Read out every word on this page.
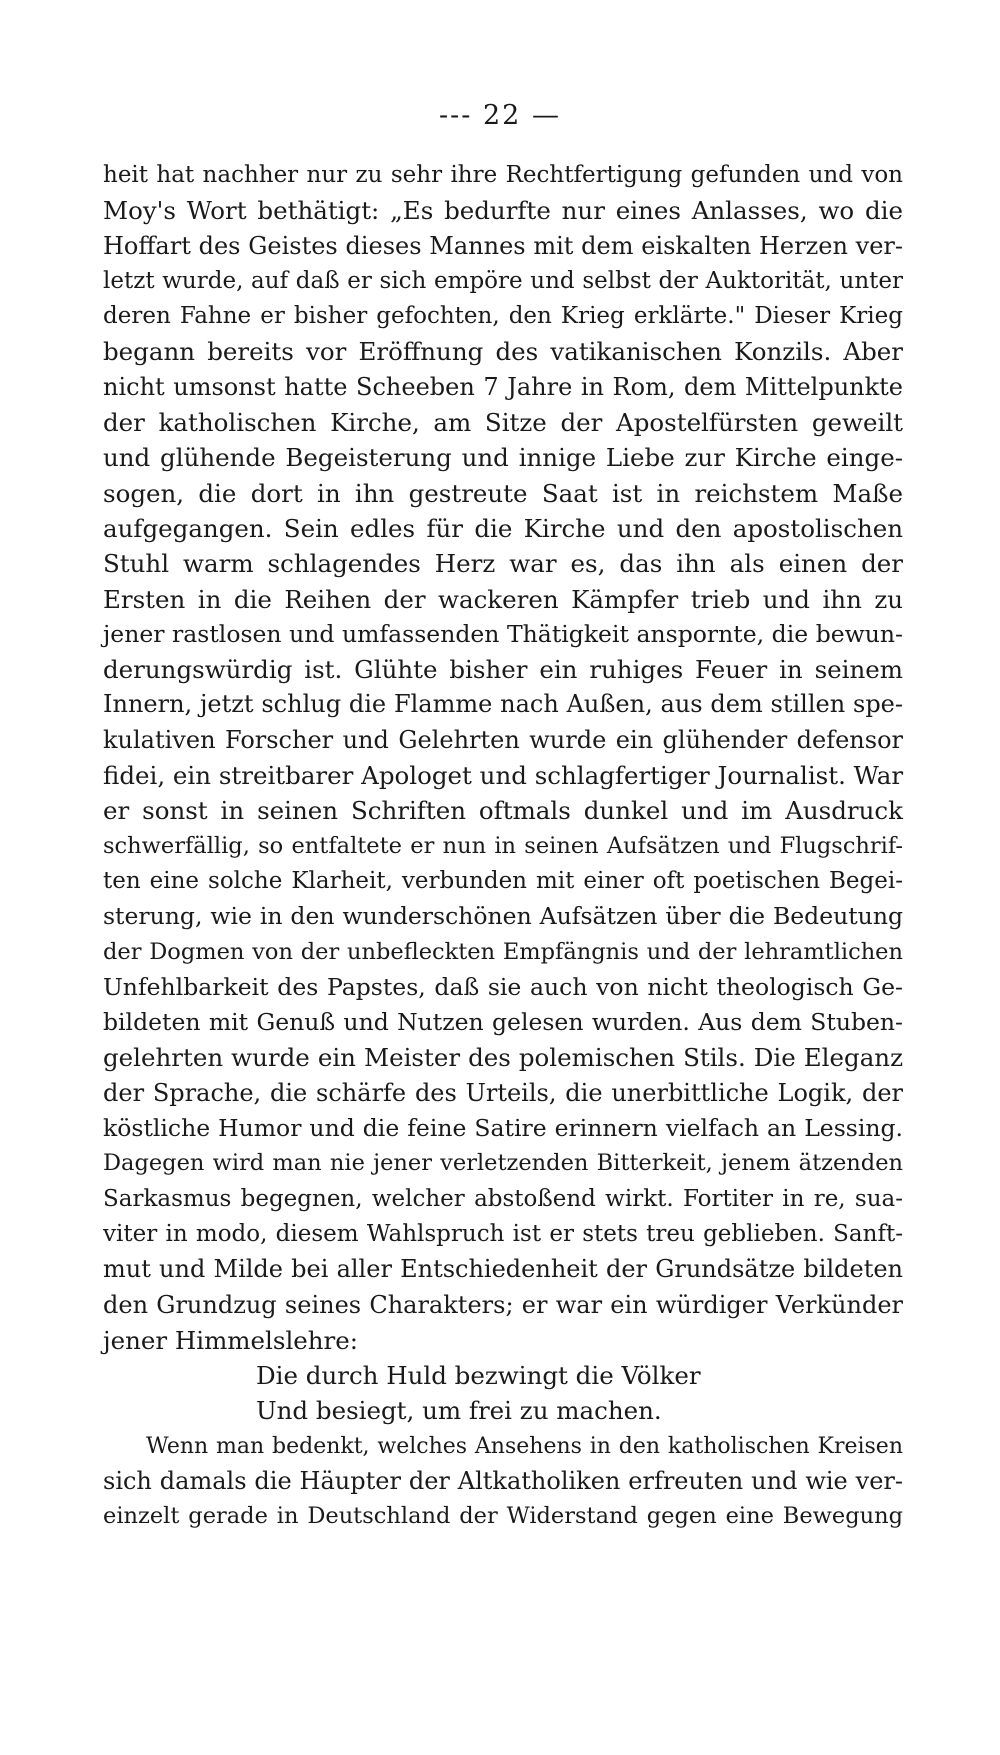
--- 22 —
heit hat nachher nur zu sehr ihre Rechtfertigung gefunden und von
Moy's Wort bethätigt: „Es bedurfte nur eines Anlasses, wo die
Hoffart des Geistes dieses Mannes mit dem eiskalten Herzen ver-
letzt wurde, auf daß er sich empöre und selbst der Auktorität, unter
deren Fahne er bisher gefochten, den Krieg erklärte." Dieser Krieg
begann bereits vor Eröffnung des vatikanischen Konzils. Aber
nicht umsonst hatte Scheeben 7 Jahre in Rom, dem Mittelpunkte
der katholischen Kirche, am Sitze der Apostelfürsten geweilt
und glühende Begeisterung und innige Liebe zur Kirche einge-
sogen, die dort in ihn gestreute Saat ist in reichstem Maße
aufgegangen. Sein edles für die Kirche und den apostolischen
Stuhl warm schlagendes Herz war es, das ihn als einen der
Ersten in die Reihen der wackeren Kämpfer trieb und ihn zu
jener rastlosen und umfassenden Thätigkeit anspornte, die bewun-
derungswürdig ist. Glühte bisher ein ruhiges Feuer in seinem
Innern, jetzt schlug die Flamme nach Außen, aus dem stillen spe-
kulativen Forscher und Gelehrten wurde ein glühender defensor
fidei, ein streitbarer Apologet und schlagfertiger Journalist. War
er sonst in seinen Schriften oftmals dunkel und im Ausdruck
schwerfällig, so entfaltete er nun in seinen Aufsätzen und Flugschrif-
ten eine solche Klarheit, verbunden mit einer oft poetischen Begei-
sterung, wie in den wunderschönen Aufsätzen über die Bedeutung
der Dogmen von der unbefleckten Empfängnis und der lehramtlichen
Unfehlbarkeit des Papstes, daß sie auch von nicht theologisch Ge-
bildeten mit Genuß und Nutzen gelesen wurden. Aus dem Stuben-
gelehrten wurde ein Meister des polemischen Stils. Die Eleganz
der Sprache, die schärfe des Urteils, die unerbittliche Logik, der
köstliche Humor und die feine Satire erinnern vielfach an Lessing.
Dagegen wird man nie jener verletzenden Bitterkeit, jenem ätzenden
Sarkasmus begegnen, welcher abstoßend wirkt. Fortiter in re, sua-
viter in modo, diesem Wahlspruch ist er stets treu geblieben. Sanft-
mut und Milde bei aller Entschiedenheit der Grundsätze bildeten
den Grundzug seines Charakters; er war ein würdiger Verkünder
jener Himmelslehre:
Die durch Huld bezwingt die Völker
Und besiegt, um frei zu machen.
Wenn man bedenkt, welches Ansehens in den katholischen Kreisen
sich damals die Häupter der Altkatholiken erfreuten und wie ver-
einzelt gerade in Deutschland der Widerstand gegen eine Bewegung
